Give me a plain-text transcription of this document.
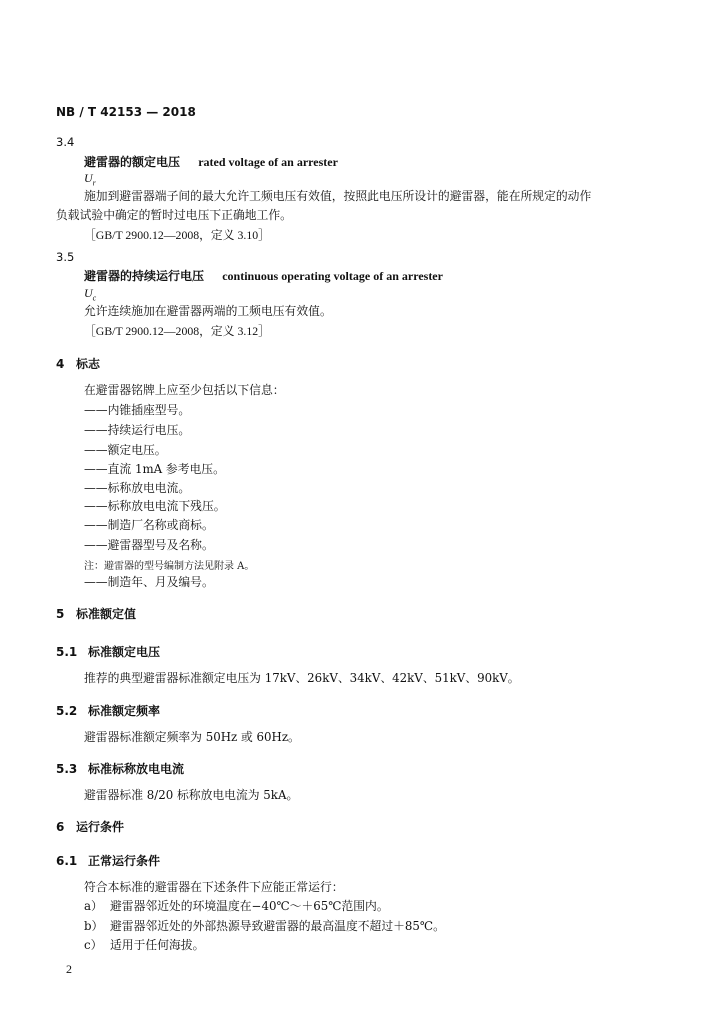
NB / T 42153 — 2018
3.4
避雷器的额定电压 rated voltage of an arrester
$U_r$
施加到避雷器端子间的最大允许工频电压有效值，按照此电压所设计的避雷器，能在所规定的动作
负载试验中确定的暂时过电压下正确地工作。
［GB/T 2900.12—2008，定义 3.10］
3.5
避雷器的持续运行电压 continuous operating voltage of an arrester
$U_c$
允许连续施加在避雷器两端的工频电压有效值。
［GB/T 2900.12—2008，定义 3.12］
4 标志
在避雷器铭牌上应至少包括以下信息：
——内锥插座型号。
——持续运行电压。
——额定电压。
——直流 1mA 参考电压。
——标称放电电流。
——标称放电电流下残压。
——制造厂名称或商标。
——避雷器型号及名称。
注：避雷器的型号编制方法见附录 A。
——制造年、月及编号。
5 标准额定值
5.1 标准额定电压
推荐的典型避雷器标准额定电压为 17kV、26kV、34kV、42kV、51kV、90kV。
5.2 标准额定频率
避雷器标准额定频率为 50Hz 或 60Hz。
5.3 标准标称放电电流
避雷器标准 8/20 标称放电电流为 5kA。
6 运行条件
6.1 正常运行条件
符合本标准的避雷器在下述条件下应能正常运行：
a） 避雷器邻近处的环境温度在−40℃～＋65℃范围内。
b） 避雷器邻近处的外部热源导致避雷器的最高温度不超过＋85℃。
c） 适用于任何海拔。
2
